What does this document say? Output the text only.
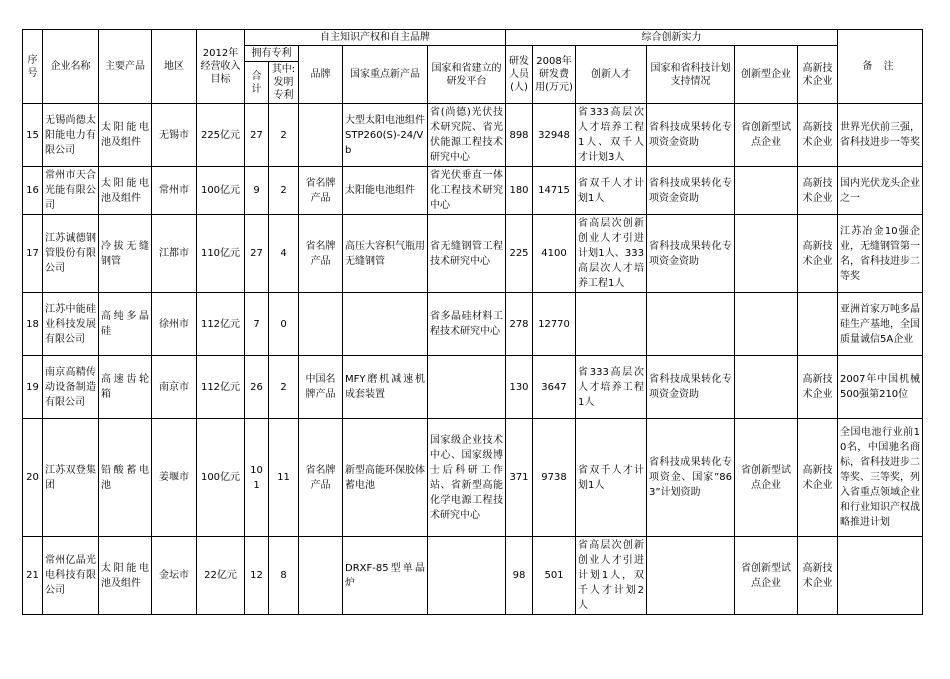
序号	企业名称	主要产品	地区	2012年经营收入目标	自主知识产权和自主品牌					综合创新实力						备 注
					拥有专利		品牌	国家重点新产品	国家和省建立的研发平台	研发人员(人)	2008年研发费用(万元)	创新人才	国家和省科技计划支持情况	创新型企业	高新技术企业	
					合计	其中:发明专利										
15	无锡尚德太阳能电力有限公司	太阳能电池及组件	无锡市	225亿元	27	2		大型太阳电池组件STP260(S)-24/Vb	省(尚德)光伏技术研究院、省光伏能源工程技术研究中心	898	32948	省333高层次人才培养工程1人、双千人才计划3人	省科技成果转化专项资金资助	省创新型试点企业	高新技术企业	世界光伏前三强，省科技进步一等奖
16	常州市天合光能有限公司	太阳能电池及组件	常州市	100亿元	9	2	省名牌产品	太阳能电池组件	省光伏垂直一体化工程技术研究中心	180	14715	省双千人才计划1人	省科技成果转化专项资金资助		高新技术企业	国内光伏龙头企业之一
17	江苏诚德钢管股份有限公司	冷拔无缝钢管	江都市	110亿元	27	4	省名牌产品	高压大容积气瓶用无缝钢管	省无缝钢管工程技术研究中心	225	4100	省高层次创新创业人才引进计划1人、333高层次人才培养工程1人	省科技成果转化专项资金资助		高新技术企业	江苏冶金10强企业，无缝钢管第一名，省科技进步二等奖
18	江苏中能硅业科技发展有限公司	高纯多晶硅	徐州市	112亿元	7	0			省多晶硅材料工程技术研究中心	278	12770					亚洲首家万吨多晶硅生产基地，全国质量诚信5A企业
19	南京高精传动设备制造有限公司	高速齿轮箱	南京市	112亿元	26	2	中国名牌产品	MFY磨机减速机成套装置		130	3647	省333高层次人才培养工程1人	省科技成果转化专项资金资助		高新技术企业	2007年中国机械500强第210位
20	江苏双登集团	铅酸蓄电池	姜堰市	100亿元	101	11	省名牌产品	新型高能环保胶体蓄电池	国家级企业技术中心、国家级博士后科研工作站、省新型高能化学电源工程技术研究中心	371	9738	省双千人才计划1人	省科技成果转化专项资金、国家”863”计划资助	省创新型试点企业	高新技术企业	全国电池行业前10名，中国驰名商标，省科技进步二等奖、三等奖，列入省重点领域企业和行业知识产权战略推进计划
21	常州亿晶光电科技有限公司	太阳能电池及组件	金坛市	22亿元	12	8		DRXF-85型单晶炉		98	501	省高层次创新创业人才引进计划1人，双千人才计划2人		省创新型试点企业	高新技术企业	
